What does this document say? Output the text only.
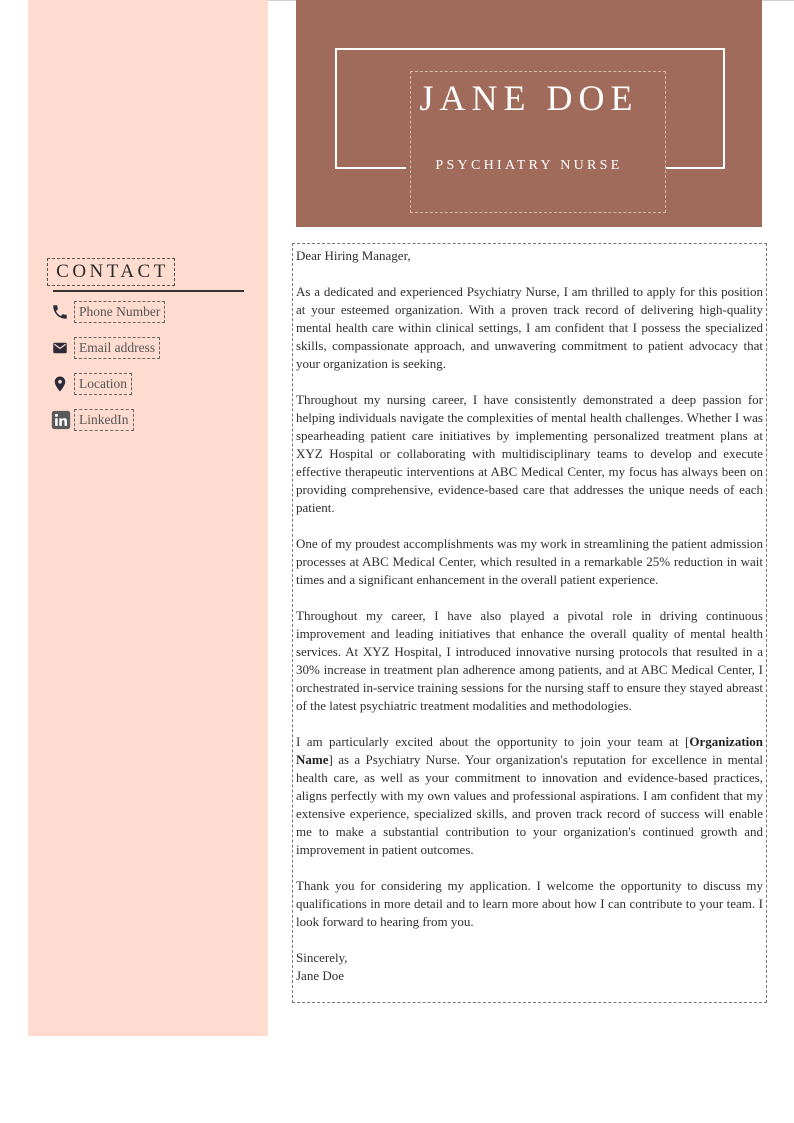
CONTACT
Phone Number
Email address
Location
LinkedIn
JANE DOE
PSYCHIATRY NURSE

Dear Hiring Manager,

As a dedicated and experienced Psychiatry Nurse, I am thrilled to apply for this position at your esteemed organization. With a proven track record of delivering high-quality mental health care within clinical settings, I am confident that I possess the specialized skills, compassionate approach, and unwavering commitment to patient advocacy that your organization is seeking.

Throughout my nursing career, I have consistently demonstrated a deep passion for helping individuals navigate the complexities of mental health challenges. Whether I was spearheading patient care initiatives by implementing personalized treatment plans at XYZ Hospital or collaborating with multidisciplinary teams to develop and execute effective therapeutic interventions at ABC Medical Center, my focus has always been on providing comprehensive, evidence-based care that addresses the unique needs of each patient.

One of my proudest accomplishments was my work in streamlining the patient admission processes at ABC Medical Center, which resulted in a remarkable 25% reduction in wait times and a significant enhancement in the overall patient experience.

Throughout my career, I have also played a pivotal role in driving continuous improvement and leading initiatives that enhance the overall quality of mental health services. At XYZ Hospital, I introduced innovative nursing protocols that resulted in a 30% increase in treatment plan adherence among patients, and at ABC Medical Center, I orchestrated in-service training sessions for the nursing staff to ensure they stayed abreast of the latest psychiatric treatment modalities and methodologies.

I am particularly excited about the opportunity to join your team at [Organization Name] as a Psychiatry Nurse. Your organization's reputation for excellence in mental health care, as well as your commitment to innovation and evidence-based practices, aligns perfectly with my own values and professional aspirations. I am confident that my extensive experience, specialized skills, and proven track record of success will enable me to make a substantial contribution to your organization's continued growth and improvement in patient outcomes.

Thank you for considering my application. I welcome the opportunity to discuss my qualifications in more detail and to learn more about how I can contribute to your team. I look forward to hearing from you.

Sincerely,

Jane Doe
